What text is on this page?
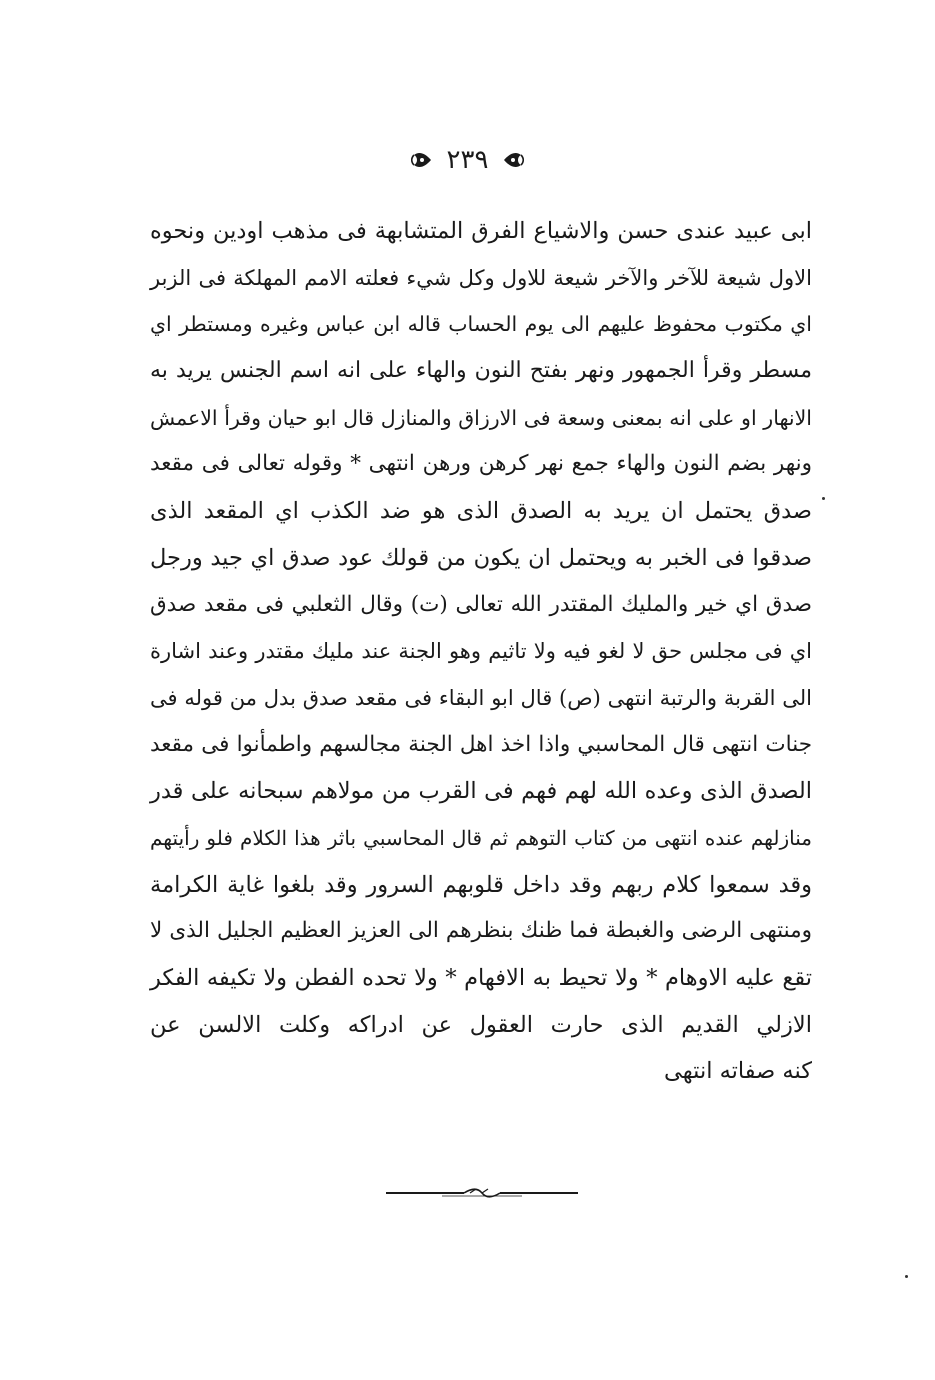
٢٣٩
ابى عبيد عندى حسن والاشياع الفرق المتشابهة فى مذهب اودين ونحوه
الاول شيعة للآخر والآخر شيعة للاول وكل شيء فعلته الامم المهلكة فى الزبر
اي مكتوب محفوظ عليهم الى يوم الحساب قاله ابن عباس وغيره ومستطر اي
مسطر وقرأ الجمهور ونهر بفتح النون والهاء على انه اسم الجنس يريد به
الانهار او على انه بمعنى وسعة فى الارزاق والمنازل قال ابو حيان وقرأ الاعمش
ونهر بضم النون والهاء جمع نهر كرهن ورهن انتهى * وقوله تعالى فى مقعد
صدق يحتمل ان يريد به الصدق الذى هو ضد الكذب اي المقعد الذى
صدقوا فى الخبر به ويحتمل ان يكون من قولك عود صدق اي جيد ورجل
صدق اي خير والمليك المقتدر الله تعالى (ت) وقال الثعلبي فى مقعد صدق
اي فى مجلس حق لا لغو فيه ولا تاثيم وهو الجنة عند مليك مقتدر وعند اشارة
الى القربة والرتبة انتهى (ص) قال ابو البقاء فى مقعد صدق بدل من قوله فى
جنات انتهى قال المحاسبي واذا اخذ اهل الجنة مجالسهم واطمأنوا فى مقعد
الصدق الذى وعده الله لهم فهم فى القرب من مولاهم سبحانه على قدر
منازلهم عنده انتهى من كتاب التوهم ثم قال المحاسبي باثر هذا الكلام فلو رأيتهم
وقد سمعوا كلام ربهم وقد داخل قلوبهم السرور وقد بلغوا غاية الكرامة
ومنتهى الرضى والغبطة فما ظنك بنظرهم الى العزيز العظيم الجليل الذى لا
تقع عليه الاوهام * ولا تحيط به الافهام * ولا تحده الفطن ولا تكيفه الفكر
الازلي القديم الذى حارت العقول عن ادراكه وكلت الالسن عن
كنه صفاته انتهى
